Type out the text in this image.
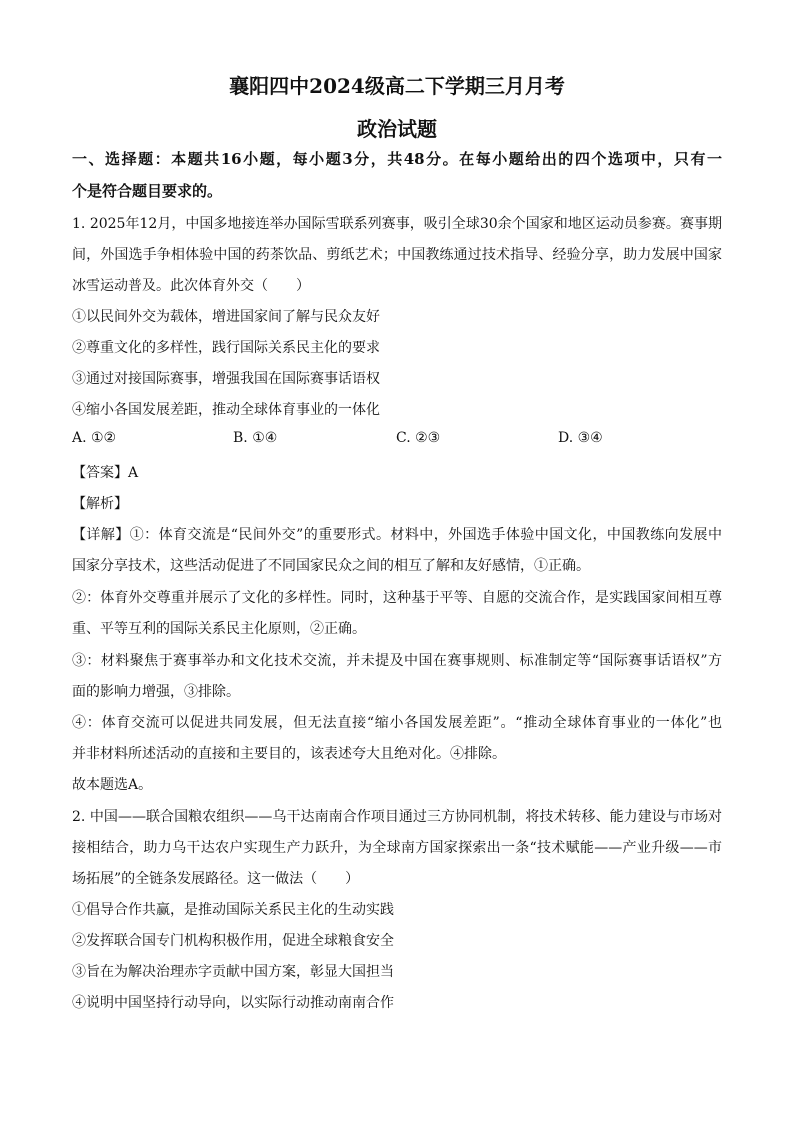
襄阳四中2024级高二下学期三月月考
政治试题
一、选择题：本题共16小题，每小题3分，共48分。在每小题给出的四个选项中，只有一
个是符合题目要求的。
1. 2025年12月，中国多地接连举办国际雪联系列赛事，吸引全球30余个国家和地区运动员参赛。赛事期
间，外国选手争相体验中国的药茶饮品、剪纸艺术；中国教练通过技术指导、经验分享，助力发展中国家
冰雪运动普及。此次体育外交（　　）
①以民间外交为载体，增进国家间了解与民众友好
②尊重文化的多样性，践行国际关系民主化的要求
③通过对接国际赛事，增强我国在国际赛事话语权
④缩小各国发展差距，推动全球体育事业的一体化
A. ①②	B. ①④	C. ②③	D. ③④
【答案】A
【解析】
【详解】①：体育交流是“民间外交”的重要形式。材料中，外国选手体验中国文化，中国教练向发展中
国家分享技术，这些活动促进了不同国家民众之间的相互了解和友好感情，①正确。
②：体育外交尊重并展示了文化的多样性。同时，这种基于平等、自愿的交流合作，是实践国家间相互尊
重、平等互利的国际关系民主化原则，②正确。
③：材料聚焦于赛事举办和文化技术交流，并未提及中国在赛事规则、标准制定等“国际赛事话语权”方
面的影响力增强，③排除。
④：体育交流可以促进共同发展，但无法直接“缩小各国发展差距”。“推动全球体育事业的一体化”也
并非材料所述活动的直接和主要目的，该表述夸大且绝对化。④排除。
故本题选A。
2. 中国——联合国粮农组织——乌干达南南合作项目通过三方协同机制，将技术转移、能力建设与市场对
接相结合，助力乌干达农户实现生产力跃升，为全球南方国家探索出一条“技术赋能——产业升级——市
场拓展”的全链条发展路径。这一做法（　　）
①倡导合作共赢，是推动国际关系民主化的生动实践
②发挥联合国专门机构积极作用，促进全球粮食安全
③旨在为解决治理赤字贡献中国方案，彰显大国担当
④说明中国坚持行动导向，以实际行动推动南南合作
